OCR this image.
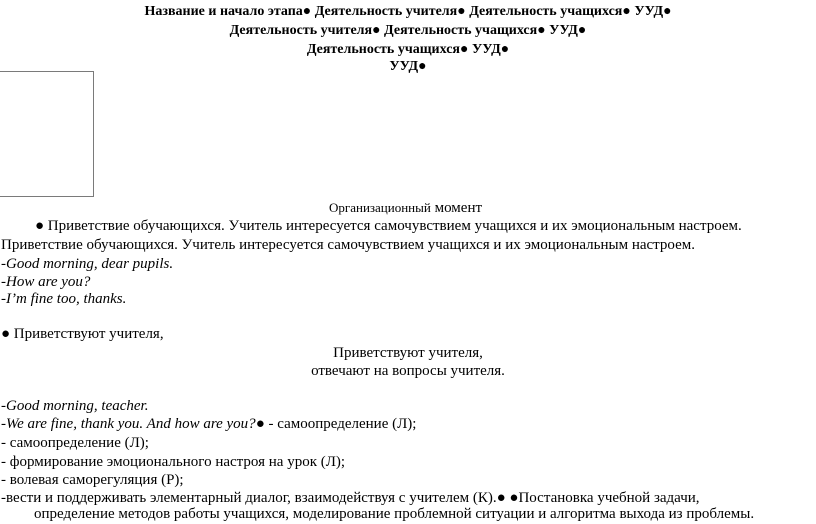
Название и начало этапа● Деятельность учителя● Деятельность учащихся● УУД●
Деятельность учителя● Деятельность учащихся● УУД●
Деятельность учащихся● УУД●
УУД●
Организационный момент
● Приветствие обучающихся. Учитель интересуется самочувствием учащихся и их эмоциональным настроем.
Приветствие обучающихся. Учитель интересуется самочувствием учащихся и их эмоциональным настроем.
-Good morning, dear pupils.
-How are you?
-I’m fine too, thanks.
● Приветствуют учителя,
Приветствуют учителя,
отвечают на вопросы учителя.
-Good morning, teacher.
-We are fine, thank you. And how are you?● - самоопределение (Л);
- самоопределение (Л);
- формирование эмоционального настроя на урок (Л);
- волевая саморегуляция (Р);
-вести и поддерживать элементарный диалог, взаимодействуя с учителем (К).● ●Постановка учебной задачи,
определение методов работы учащихся, моделирование проблемной ситуации и алгоритма выхода из проблемы.
